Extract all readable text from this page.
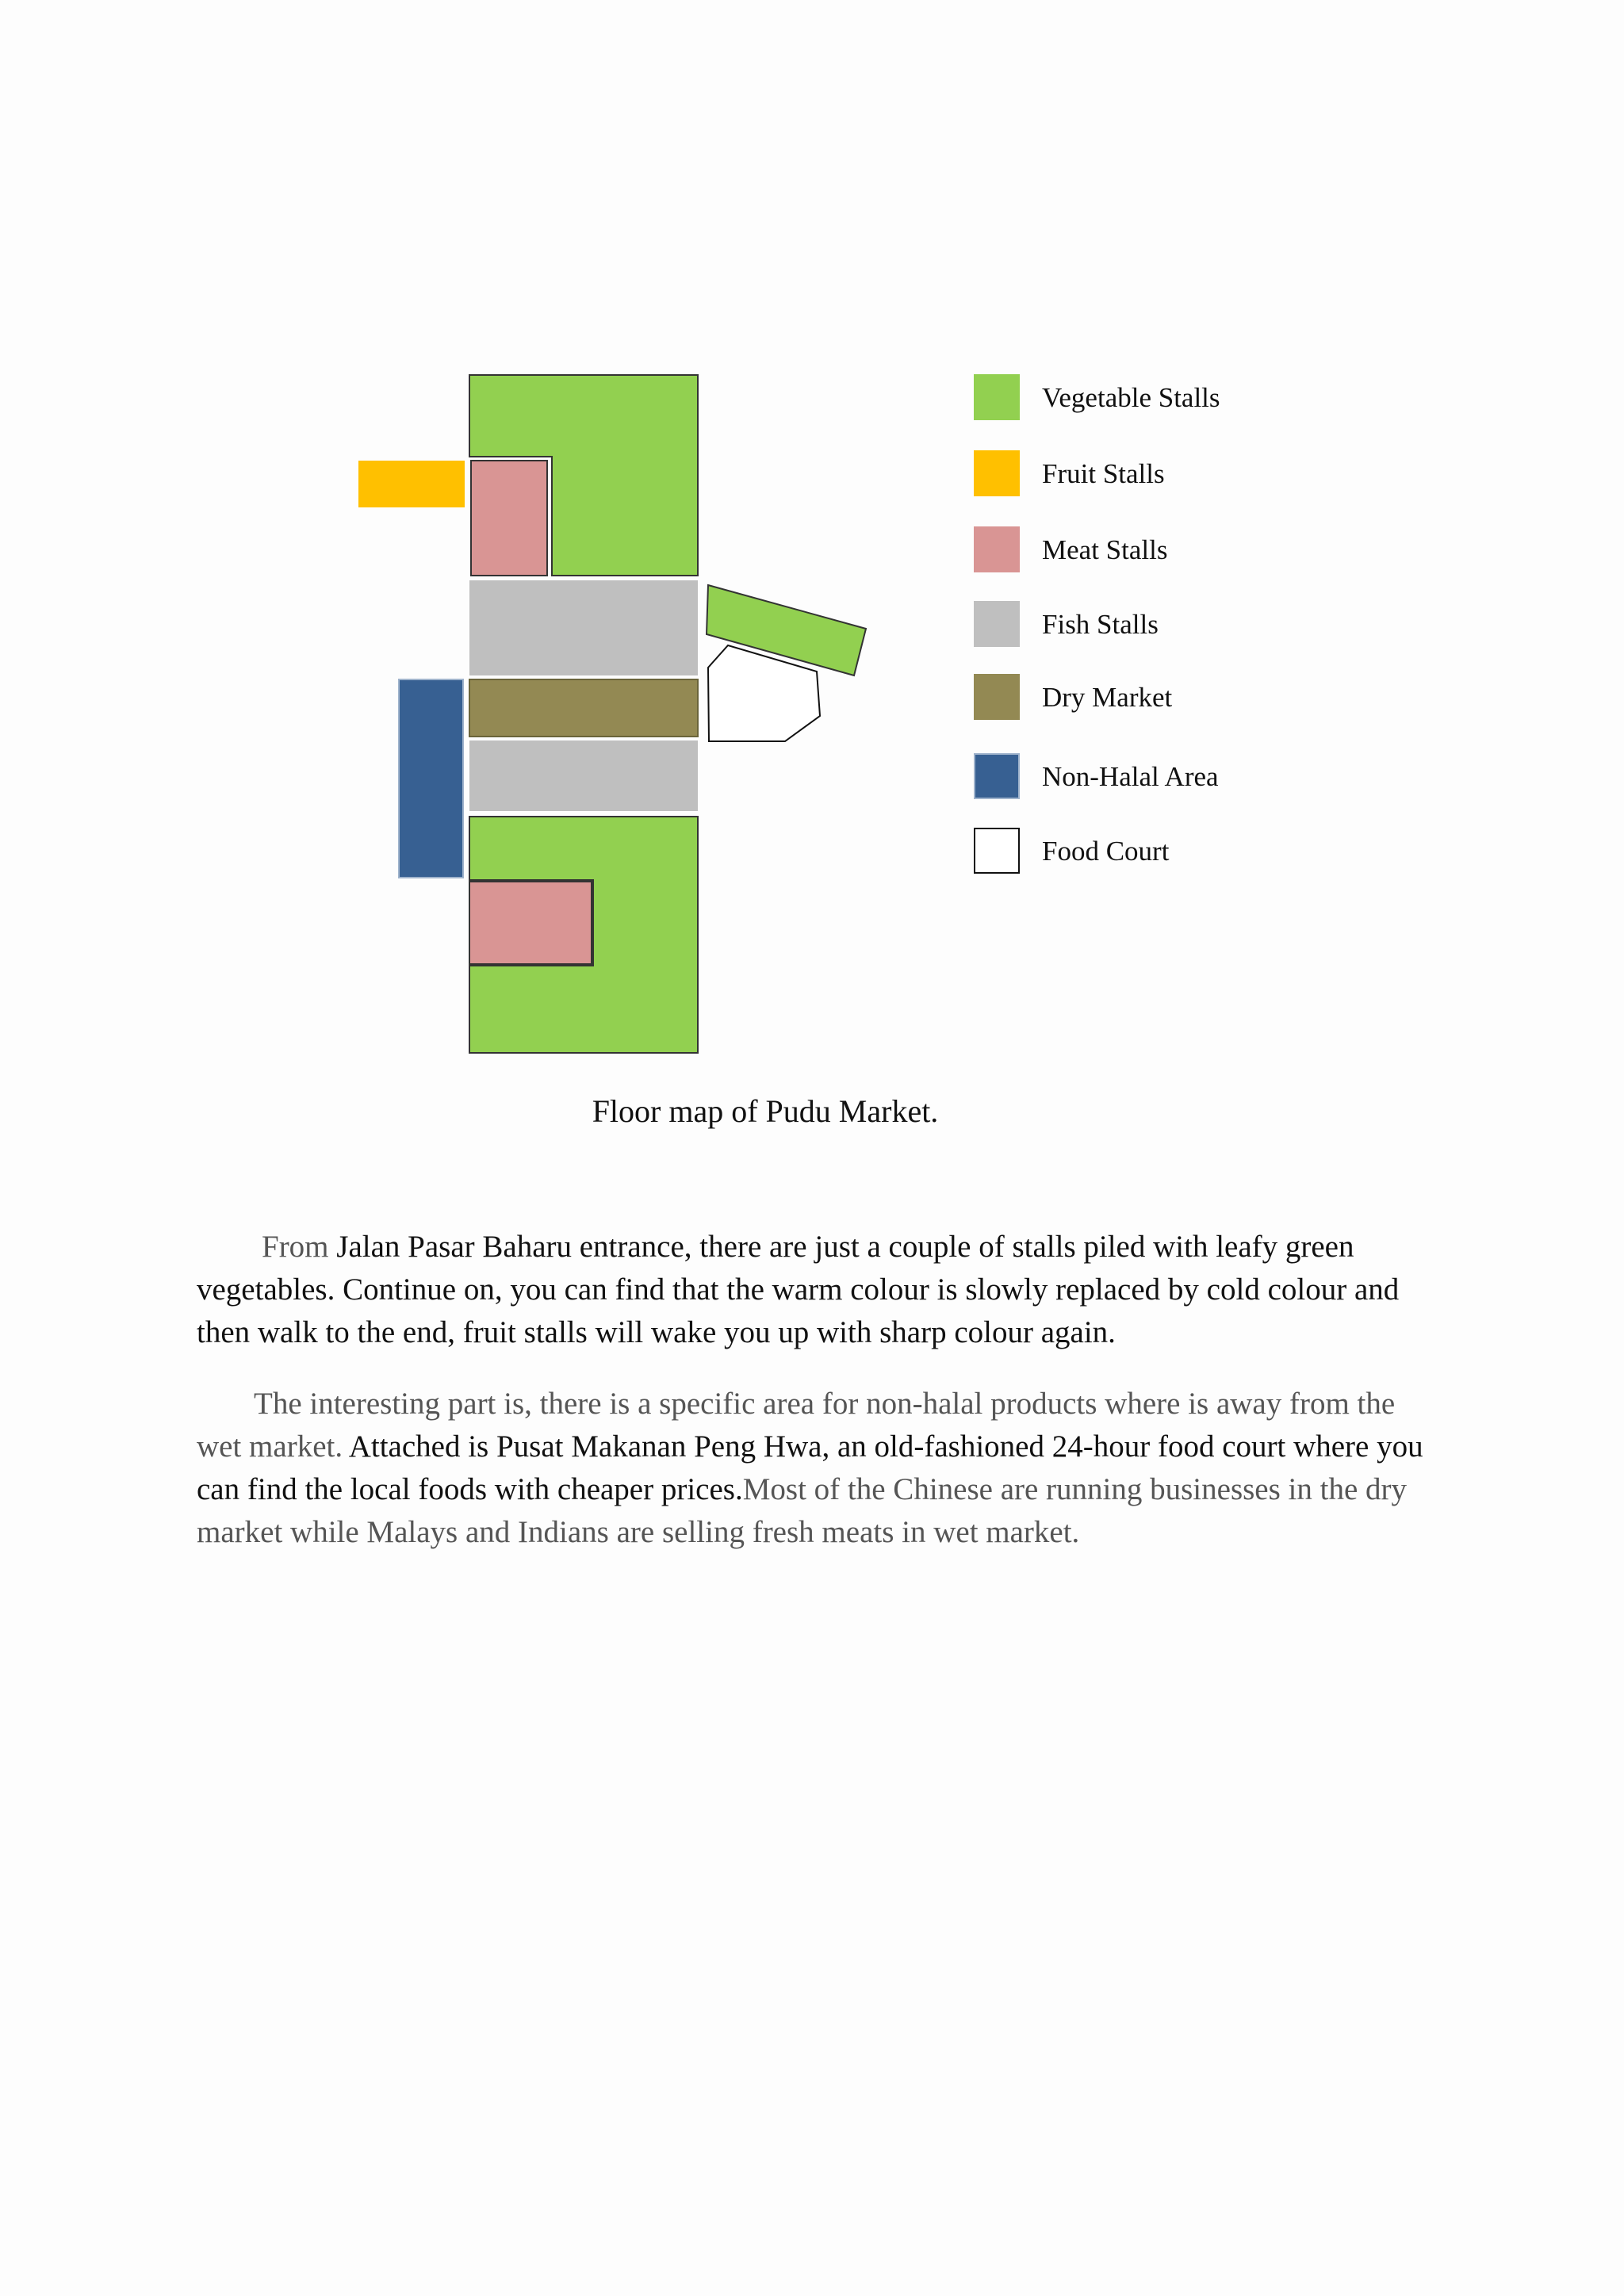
Vegetable Stalls
Fruit Stalls
Meat Stalls
Fish Stalls
Dry Market
Non-Halal Area
Food Court
Floor map of Pudu Market.

From Jalan Pasar Baharu entrance, there are just a couple of stalls piled with leafy green vegetables. Continue on, you can find that the warm colour is slowly replaced by cold colour and then walk to the end, fruit stalls will wake you up with sharp colour again.

The interesting part is, there is a specific area for non-halal products where is away from the wet market. Attached is Pusat Makanan Peng Hwa, an old-fashioned 24-hour food court where you can find the local foods with cheaper prices.Most of the Chinese are running businesses in the dry market while Malays and Indians are selling fresh meats in wet market.
